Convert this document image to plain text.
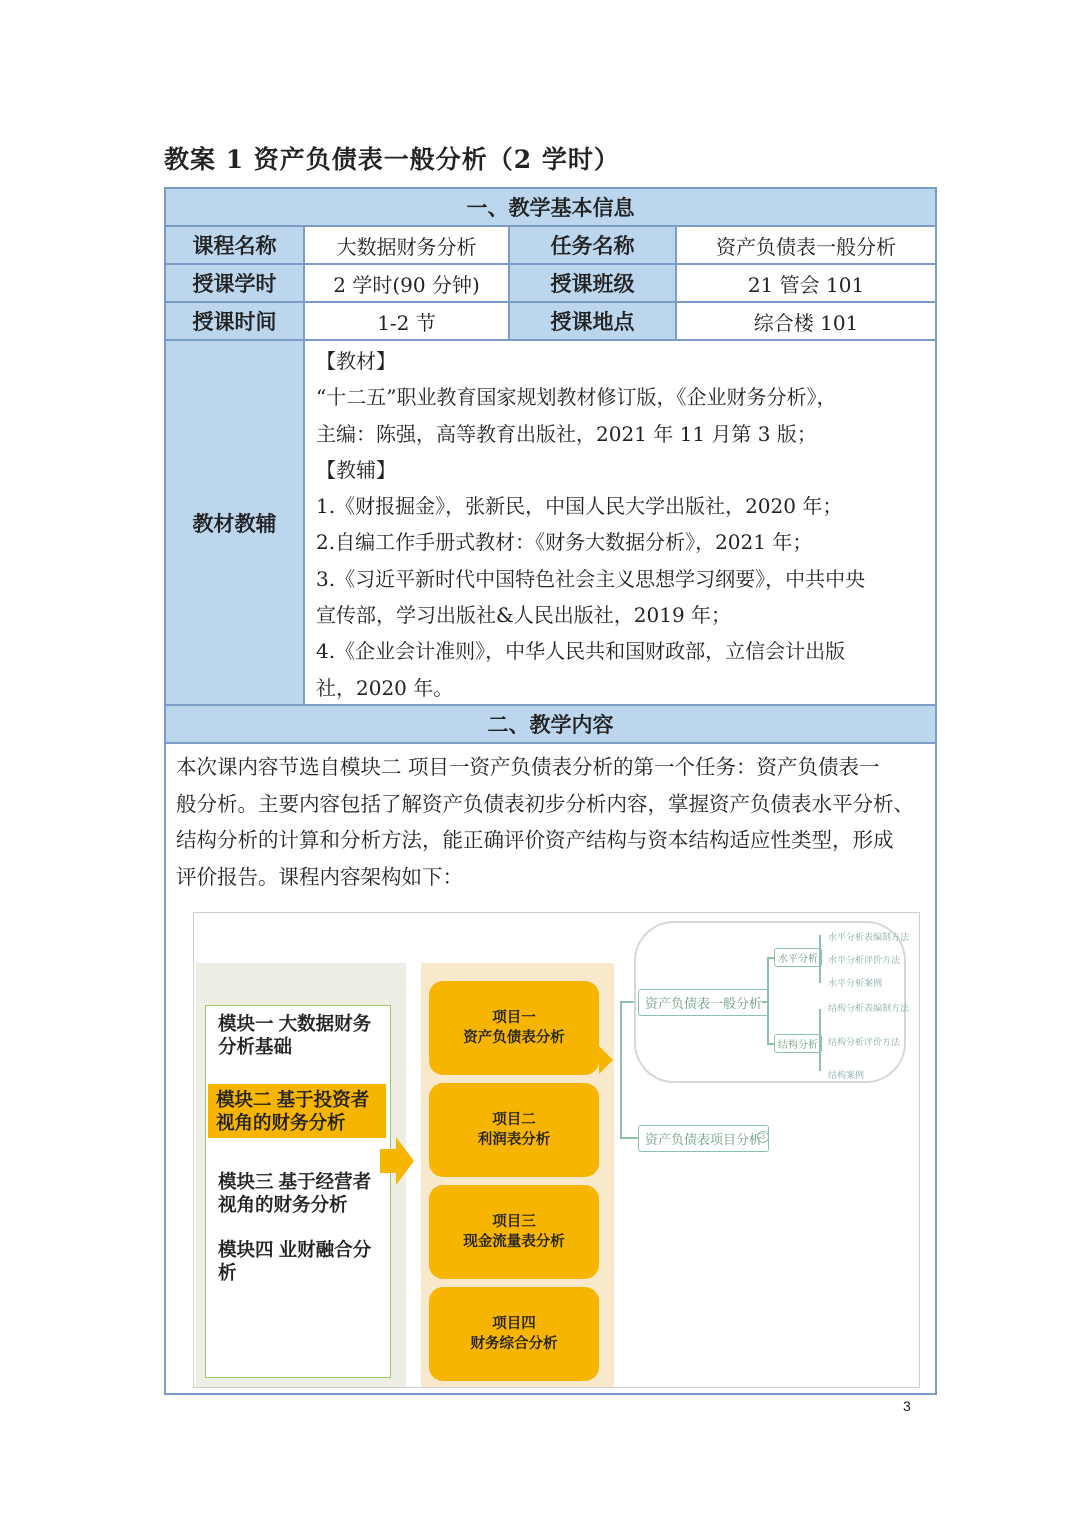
教案 1 资产负债表一般分析（2 学时）
一、教学基本信息
课程名称	大数据财务分析	任务名称	资产负债表一般分析
授课学时	2 学时(90 分钟)	授课班级	21 管会 101
授课时间	1-2 节	授课地点	综合楼 101
教材教辅
【教材】
“十二五”职业教育国家规划教材修订版，《企业财务分析》，
主编：陈强，高等教育出版社，2021 年 11 月第 3 版；
【教辅】
1.《财报掘金》，张新民，中国人民大学出版社，2020 年；
2.自编工作手册式教材：《财务大数据分析》，2021 年；
3.《习近平新时代中国特色社会主义思想学习纲要》，中共中央
宣传部，学习出版社&人民出版社，2019 年；
4.《企业会计准则》，中华人民共和国财政部，立信会计出版
社，2020 年。
二、教学内容
本次课内容节选自模块二 项目一资产负债表分析的第一个任务：资产负债表一
般分析。主要内容包括了解资产负债表初步分析内容，掌握资产负债表水平分析、
结构分析的计算和分析方法，能正确评价资产结构与资本结构适应性类型，形成
评价报告。课程内容架构如下：
模块一 大数据财务分析基础
模块二 基于投资者视角的财务分析
模块三 基于经营者视角的财务分析
模块四 业财融合分析
项目一
资产负债表分析
项目二
利润表分析
项目三
现金流量表分析
项目四
财务综合分析
资产负债表一般分析
资产负债表项目分析
3
水平分析
结构分析
水平分析表编制方法
水平分析评价方法
水平分析案例
结构分析表编制方法
结构分析评价方法
结构案例
3
